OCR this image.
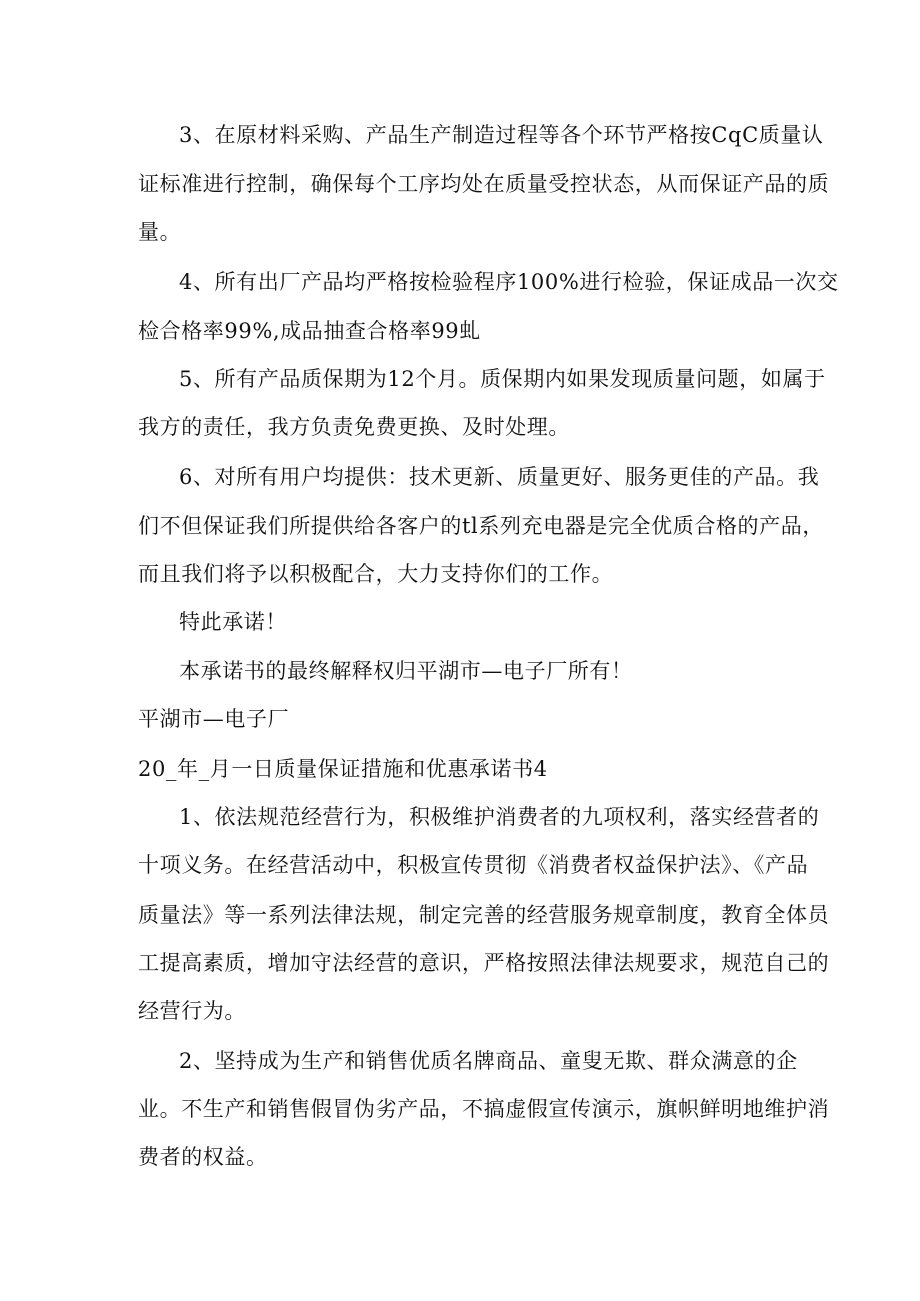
3、在原材料采购、产品生产制造过程等各个环节严格按CqC质量认
证标准进行控制，确保每个工序均处在质量受控状态，从而保证产品的质
量。
4、所有出厂产品均严格按检验程序100%进行检验，保证成品一次交
检合格率99%,成品抽查合格率99虬
5、所有产品质保期为12个月。质保期内如果发现质量问题，如属于
我方的责任，我方负责免费更换、及时处理。
6、对所有用户均提供：技术更新、质量更好、服务更佳的产品。我
们不但保证我们所提供给各客户的tl系列充电器是完全优质合格的产品，
而且我们将予以积极配合，大力支持你们的工作。
特此承诺！
本承诺书的最终解释权归平湖市—电子厂所有！
平湖市—电子厂
20_年_月一日质量保证措施和优惠承诺书4
1、依法规范经营行为，积极维护消费者的九项权利，落实经营者的
十项义务。在经营活动中，积极宣传贯彻《消费者权益保护法》、《产品
质量法》等一系列法律法规，制定完善的经营服务规章制度，教育全体员
工提高素质，增加守法经营的意识，严格按照法律法规要求，规范自己的
经营行为。
2、坚持成为生产和销售优质名牌商品、童叟无欺、群众满意的企
业。不生产和销售假冒伪劣产品，不搞虚假宣传演示，旗帜鲜明地维护消
费者的权益。
